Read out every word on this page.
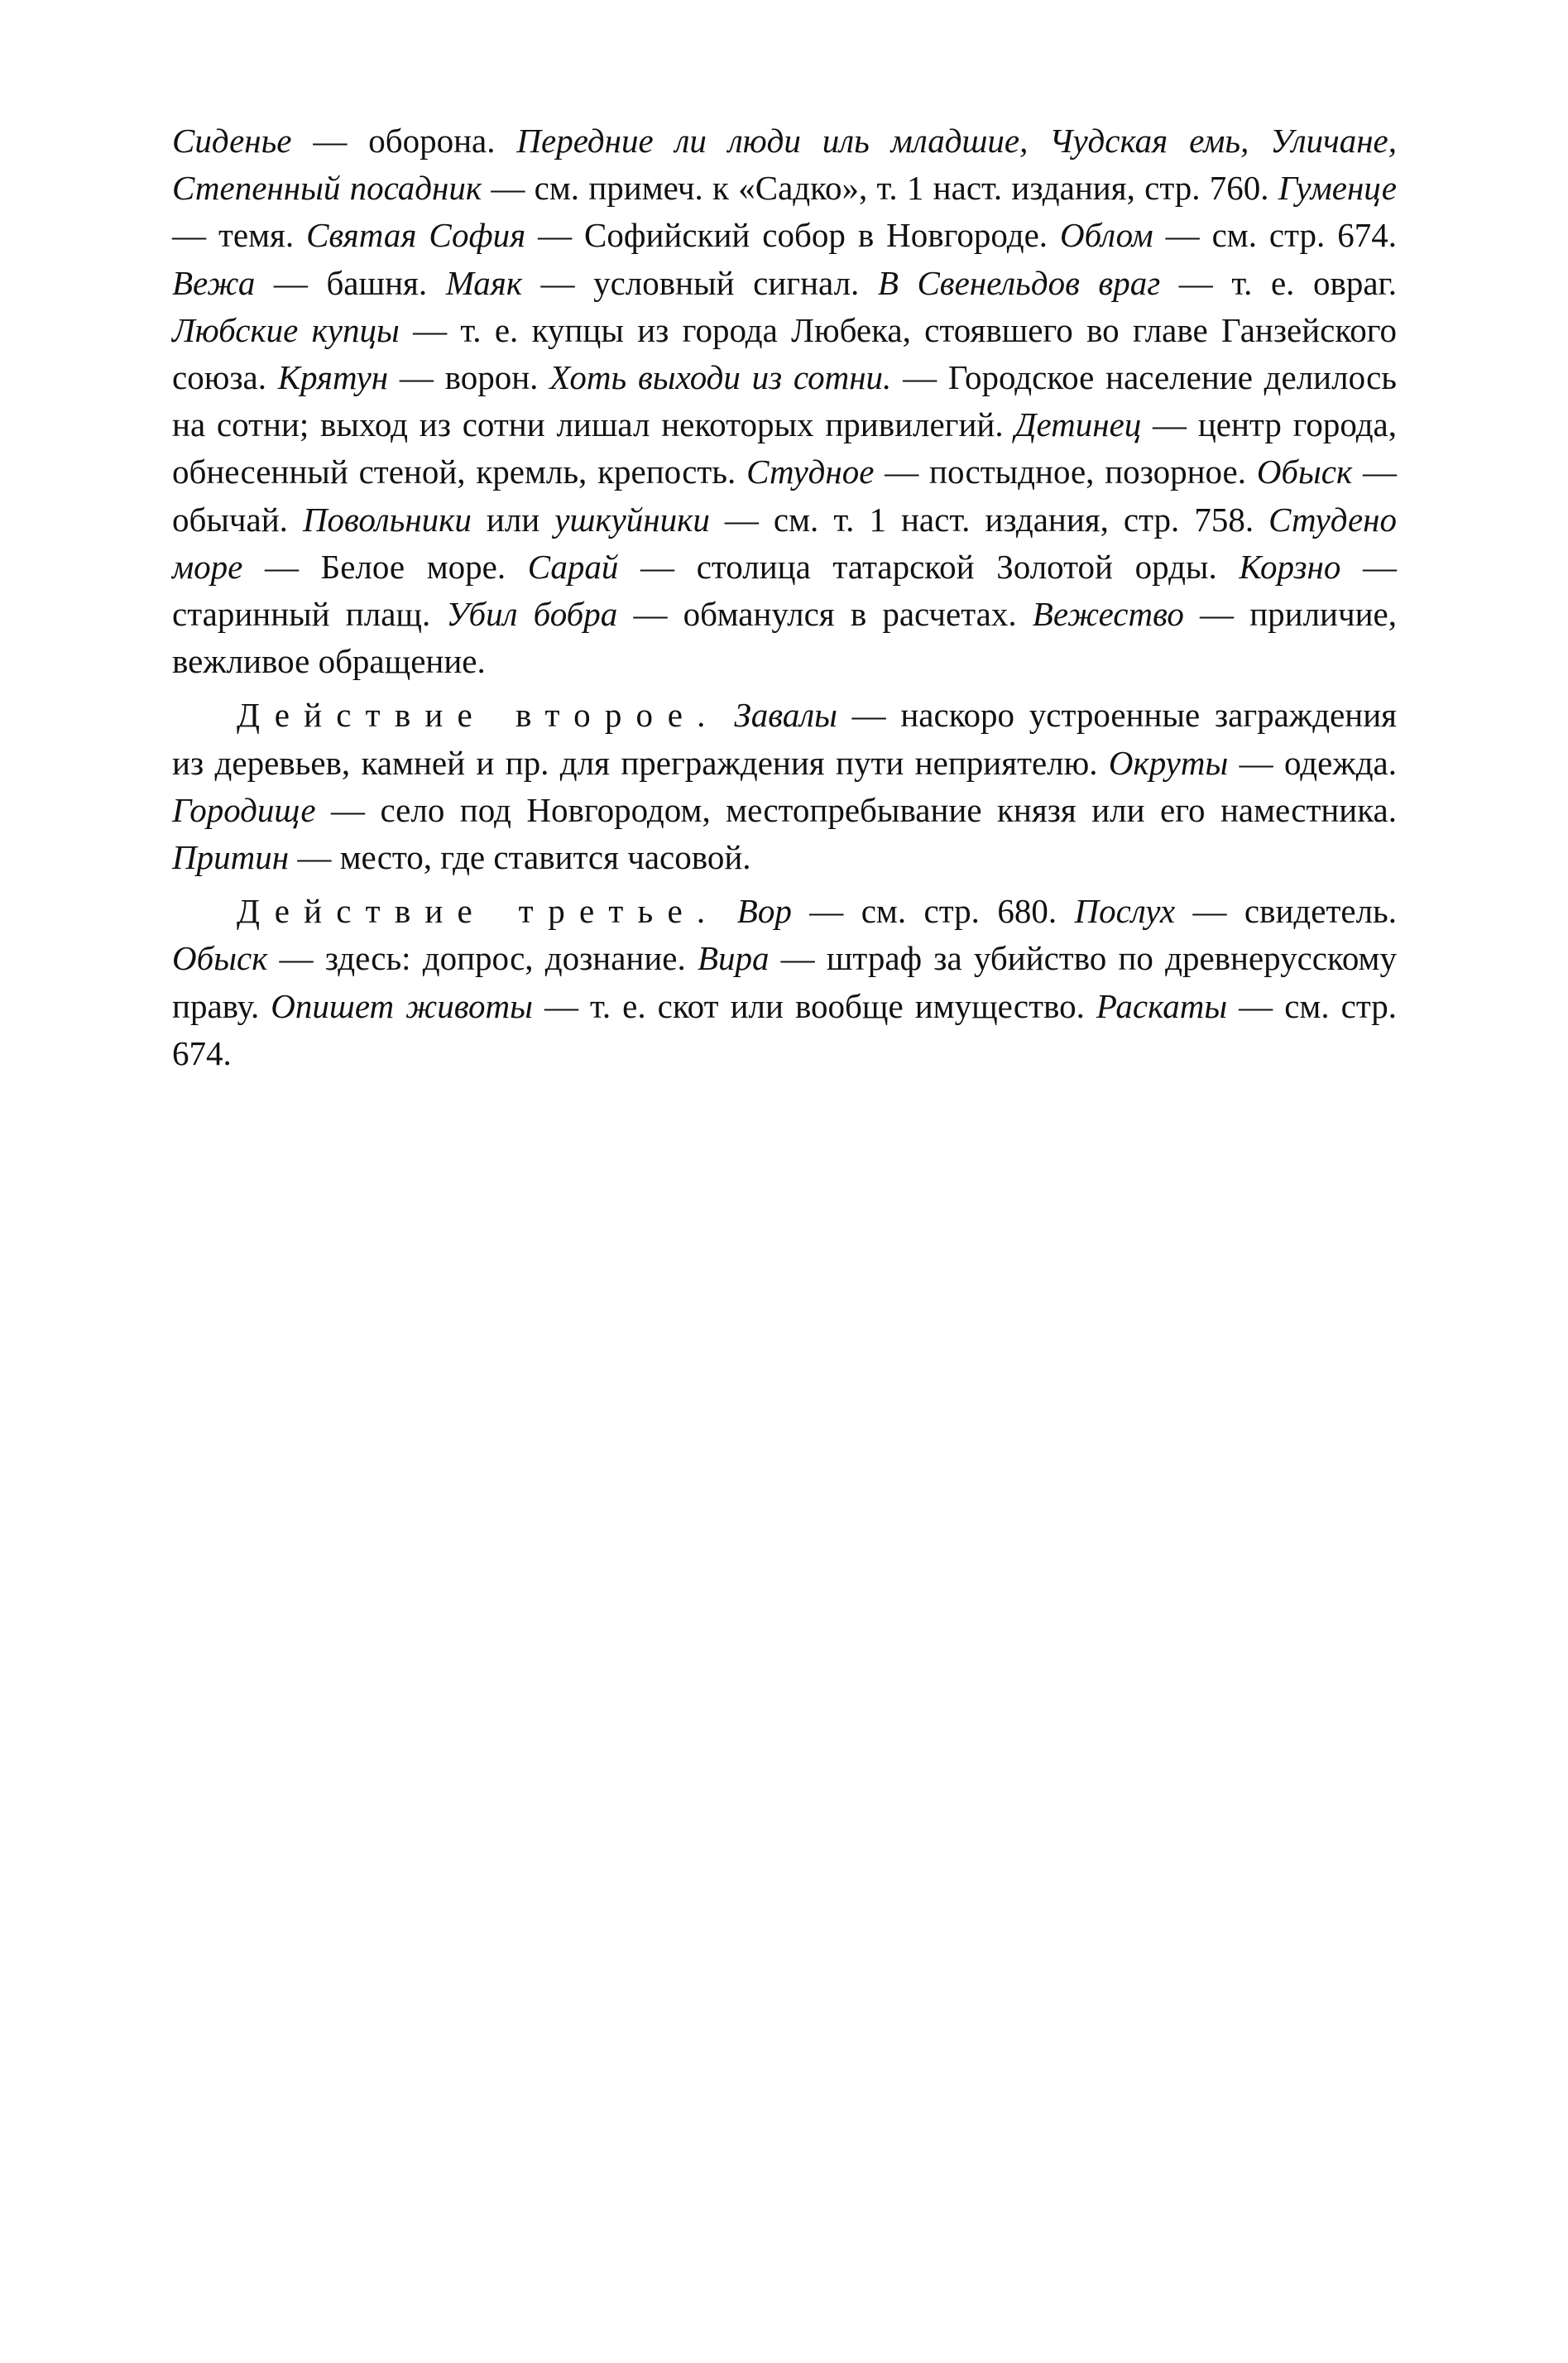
Сиденье — оборона. Передние ли люди иль младшие, Чудская емь, Уличане, Степенный посадник — см. примеч. к «Садко», т. 1 наст. издания, стр. 760. Гуменце — темя. Святая София — Софийский собор в Новгороде. Облом — см. стр. 674. Вежа — башня. Маяк — условный сигнал. В Свенельдов враг — т. е. овраг. Любские купцы — т. е. купцы из города Любека, стоявшего во главе Ганзейского союза. Крятун — ворон. Хоть выходи из сотни. — Городское население делилось на сотни; выход из сотни лишал некоторых привилегий. Детинец — центр города, обнесенный стеной, кремль, крепость. Студное — постыдное, позорное. Обыск — обычай. Повольники или ушкуйники — см. т. 1 наст. издания, стр. 758. Студено море — Белое море. Сарай — столица татарской Золотой орды. Корзно — старинный плащ. Убил бобра — обманулся в расчетах. Вежество — приличие, вежливое обращение.

Действие второе. Завалы — наскоро устроенные заграждения из деревьев, камней и пр. для преграждения пути неприятелю. Окруты — одежда. Городище — село под Новгородом, местопребывание князя или его наместника. Притин — место, где ставится часовой.

Действие третье. Вор — см. стр. 680. Послух — свидетель. Обыск — здесь: допрос, дознание. Вира — штраф за убийство по древнерусскому праву. Опишет животы — т. е. скот или вообще имущество. Раскаты — см. стр. 674.
